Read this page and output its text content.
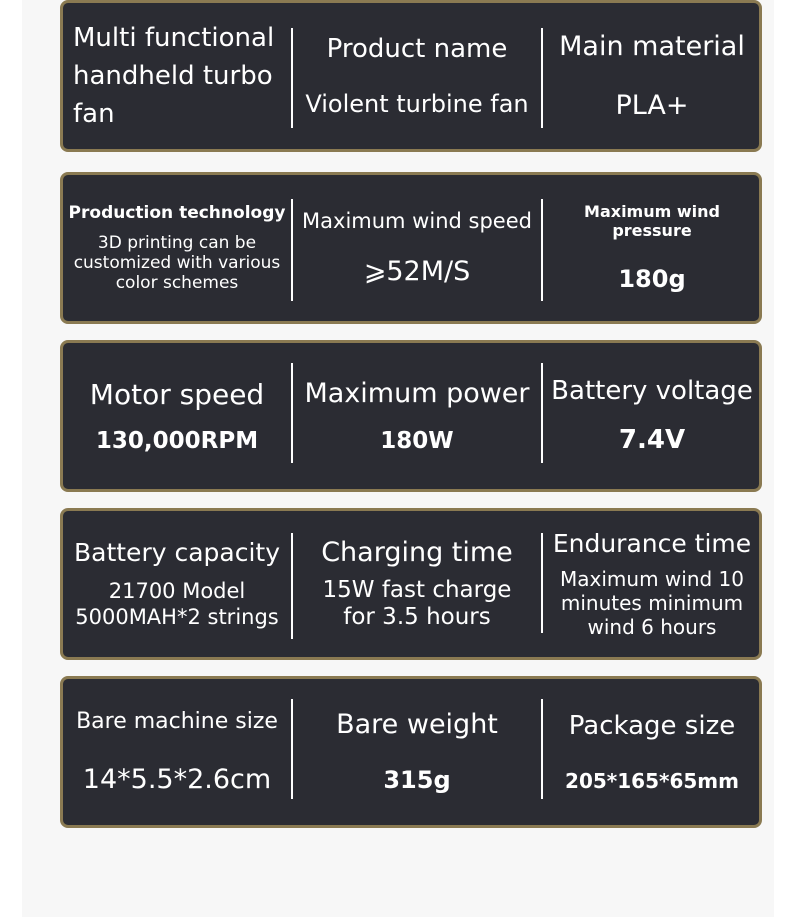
Multi functional handheld turbo fan
Product name
Violent turbine fan
Main material
PLA+
Production technology
3D printing can be customized with various color schemes
Maximum wind speed
⩾52M/S
Maximum wind pressure
180g
Motor speed
130,000RPM
Maximum power
180W
Battery voltage
7.4V
Battery capacity
21700 Model 5000MAH*2 strings
Charging time
15W fast charge for 3.5 hours
Endurance time
Maximum wind 10 minutes minimum wind 6 hours
Bare machine size
14*5.5*2.6cm
Bare weight
315g
Package size
205*165*65mm
